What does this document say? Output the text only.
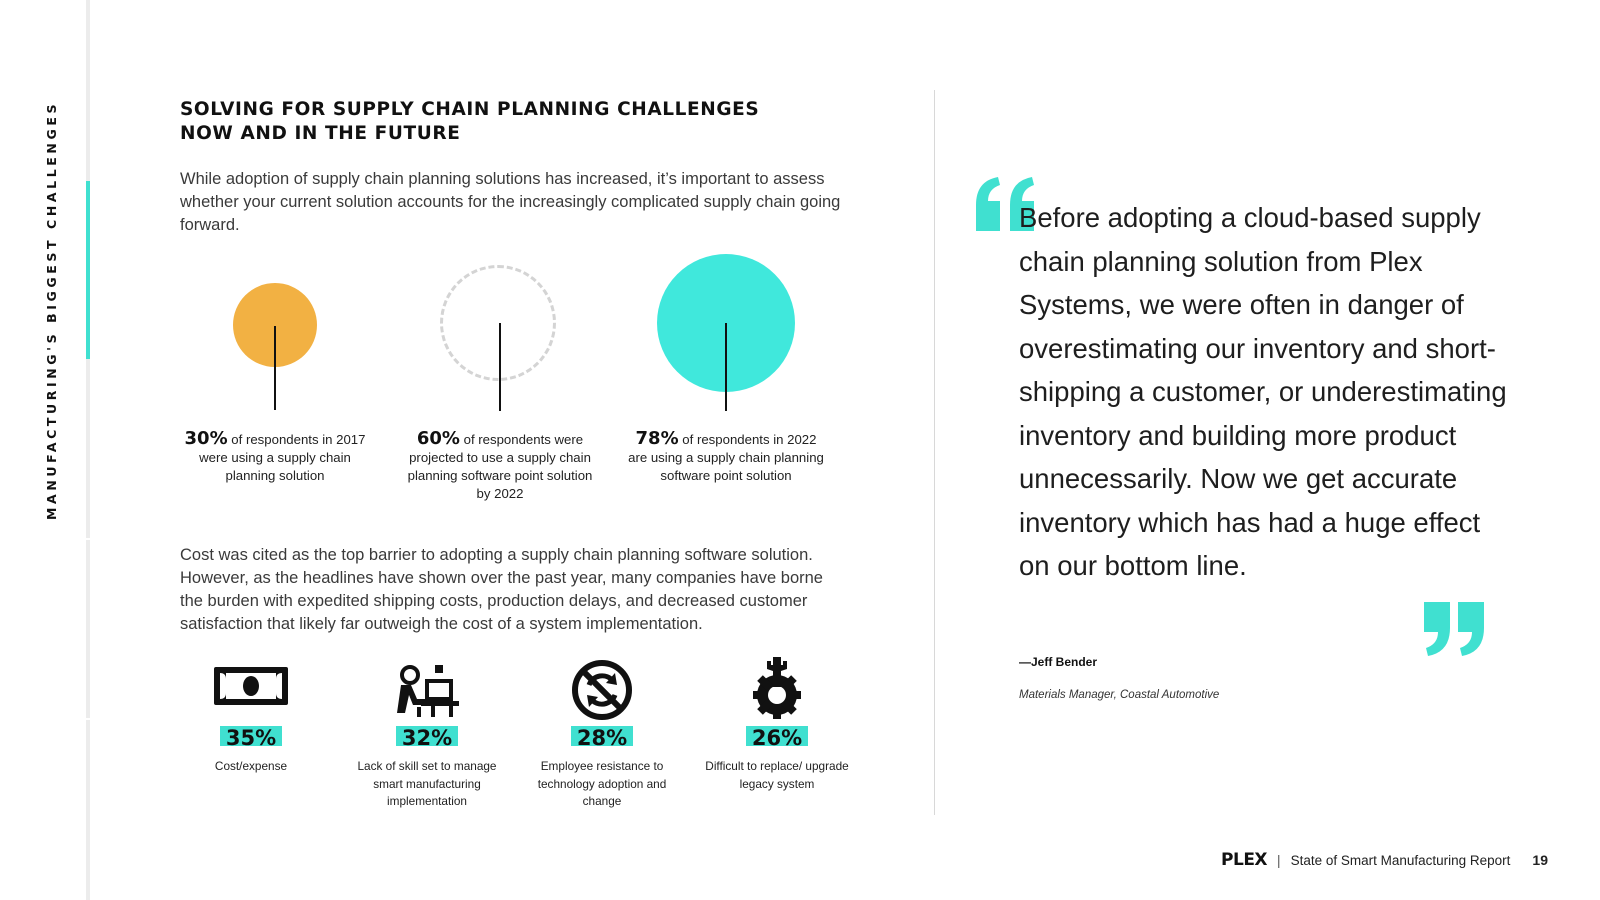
MANUFACTURING'S BIGGEST CHALLENGES	SOLVING FOR SUPPLY CHAIN PLANNING CHALLENGES NOW AND IN THE FUTURE
While adoption of supply chain planning solutions has increased, it’s important to assess whether your current solution accounts for the increasingly complicated supply chain going forward.
30% of respondents in 2017 were using a supply chain planning solution
60% of respondents were projected to use a supply chain planning software point solution by 2022
78% of respondents in 2022 are using a supply chain planning software point solution
Cost was cited as the top barrier to adopting a supply chain planning software solution. However, as the headlines have shown over the past year, many companies have borne the burden with expedited shipping costs, production delays, and decreased customer satisfaction that likely far outweigh the cost of a system implementation.
35%
Cost/expense
32%
Lack of skill set to manage smart manufacturing implementation
28%
Employee resistance to technology adoption and change
26%
Difficult to replace/ upgrade legacy system
Before adopting a cloud-based supply chain planning solution from Plex Systems, we were often in danger of overestimating our inventory and short-shipping a customer, or underestimating inventory and building more product unnecessarily. Now we get accurate inventory which has had a huge effect on our bottom line.
—Jeff Bender
Materials Manager, Coastal Automotive
PLEX | State of Smart Manufacturing Report 19
